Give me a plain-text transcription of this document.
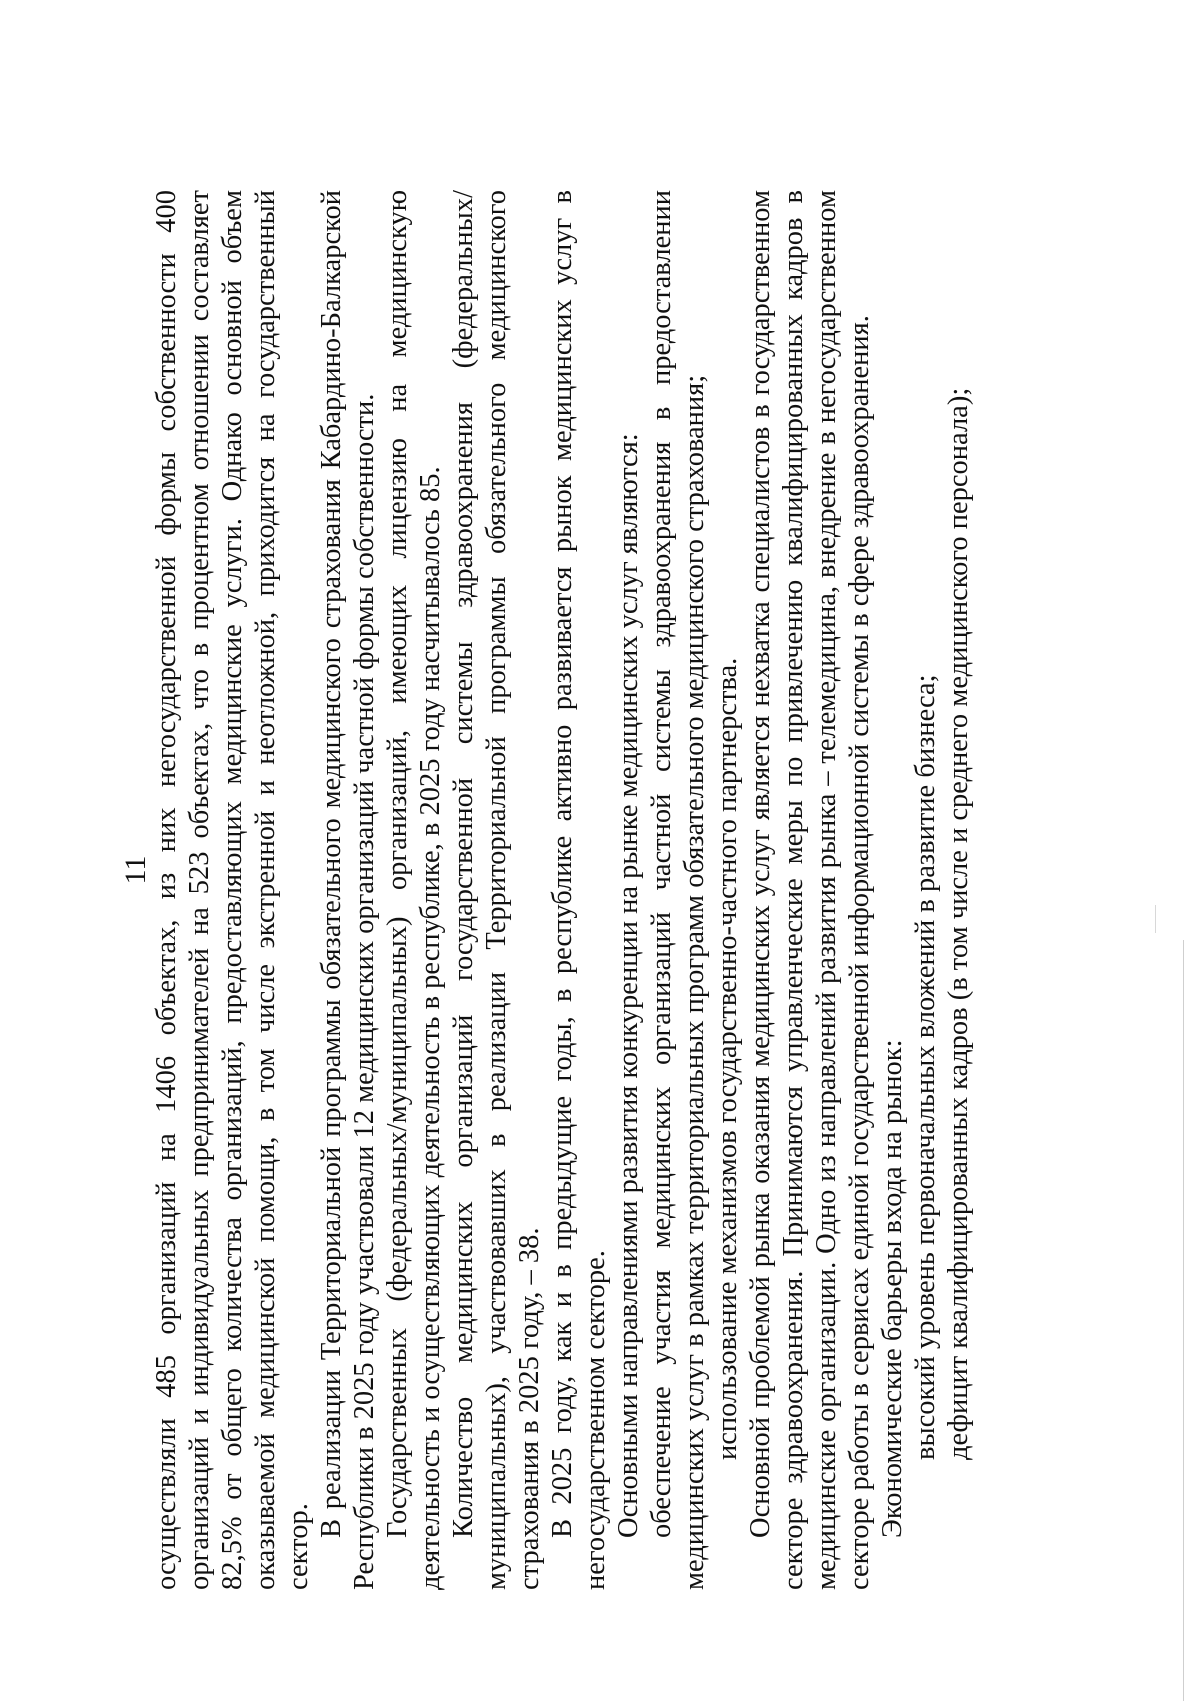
11 осуществляли 485 организаций на 1406 объектах, из них негосударственной формы собственности 400 организаций и индивидуальных предпринимателей на 523 объектах, что в процентном отношении составляет 82,5% от общего количества организаций, предоставляющих медицинские услуги. Однако основной объем оказываемой медицинской помощи, в том числе экстренной и неотложной, приходится на государственный сектор.

В реализации Территориальной программы обязательного медицинского страхования Кабардино-Балкарской Республики в 2025 году участвовали 12 медицинских организаций частной формы собственности. Государственных (федеральных/муниципальных) организаций, имеющих лицензию на медицинскую деятельность и осуществляющих деятельность в республике, в 2025 году насчитывалось 85. Количество медицинских организаций государственной системы здравоохранения (федеральных/муниципальных), участвовавших в реализации Территориальной программы обязательного медицинского страхования в 2025 году, – 38. В 2025 году, как и в предыдущие годы, в республике активно развивается рынок медицинских услуг в негосударственном секторе. Основными направлениями развития конкуренции на рынке медицинских услуг являются: обеспечение участия медицинских организаций частной системы здравоохранения в предоставлении медицинских услуг в рамках территориальных программ обязательного медицинского страхования; использование механизмов государственно-частного партнерства. Основной проблемой рынка оказания медицинских услуг является нехватка специалистов в государственном секторе здравоохранения. Принимаются управленческие меры по привлечению квалифицированных кадров в медицинские организации. Одно из направлений развития рынка – телемедицина, внедрение в негосударственном секторе работы в сервисах единой государственной информационной системы в сфере здравоохранения. Экономические барьеры входа на рынок: высокий уровень первоначальных вложений в развитие бизнеса; дефицит квалифицированных кадров (в том числе и среднего медицинского персонала);
